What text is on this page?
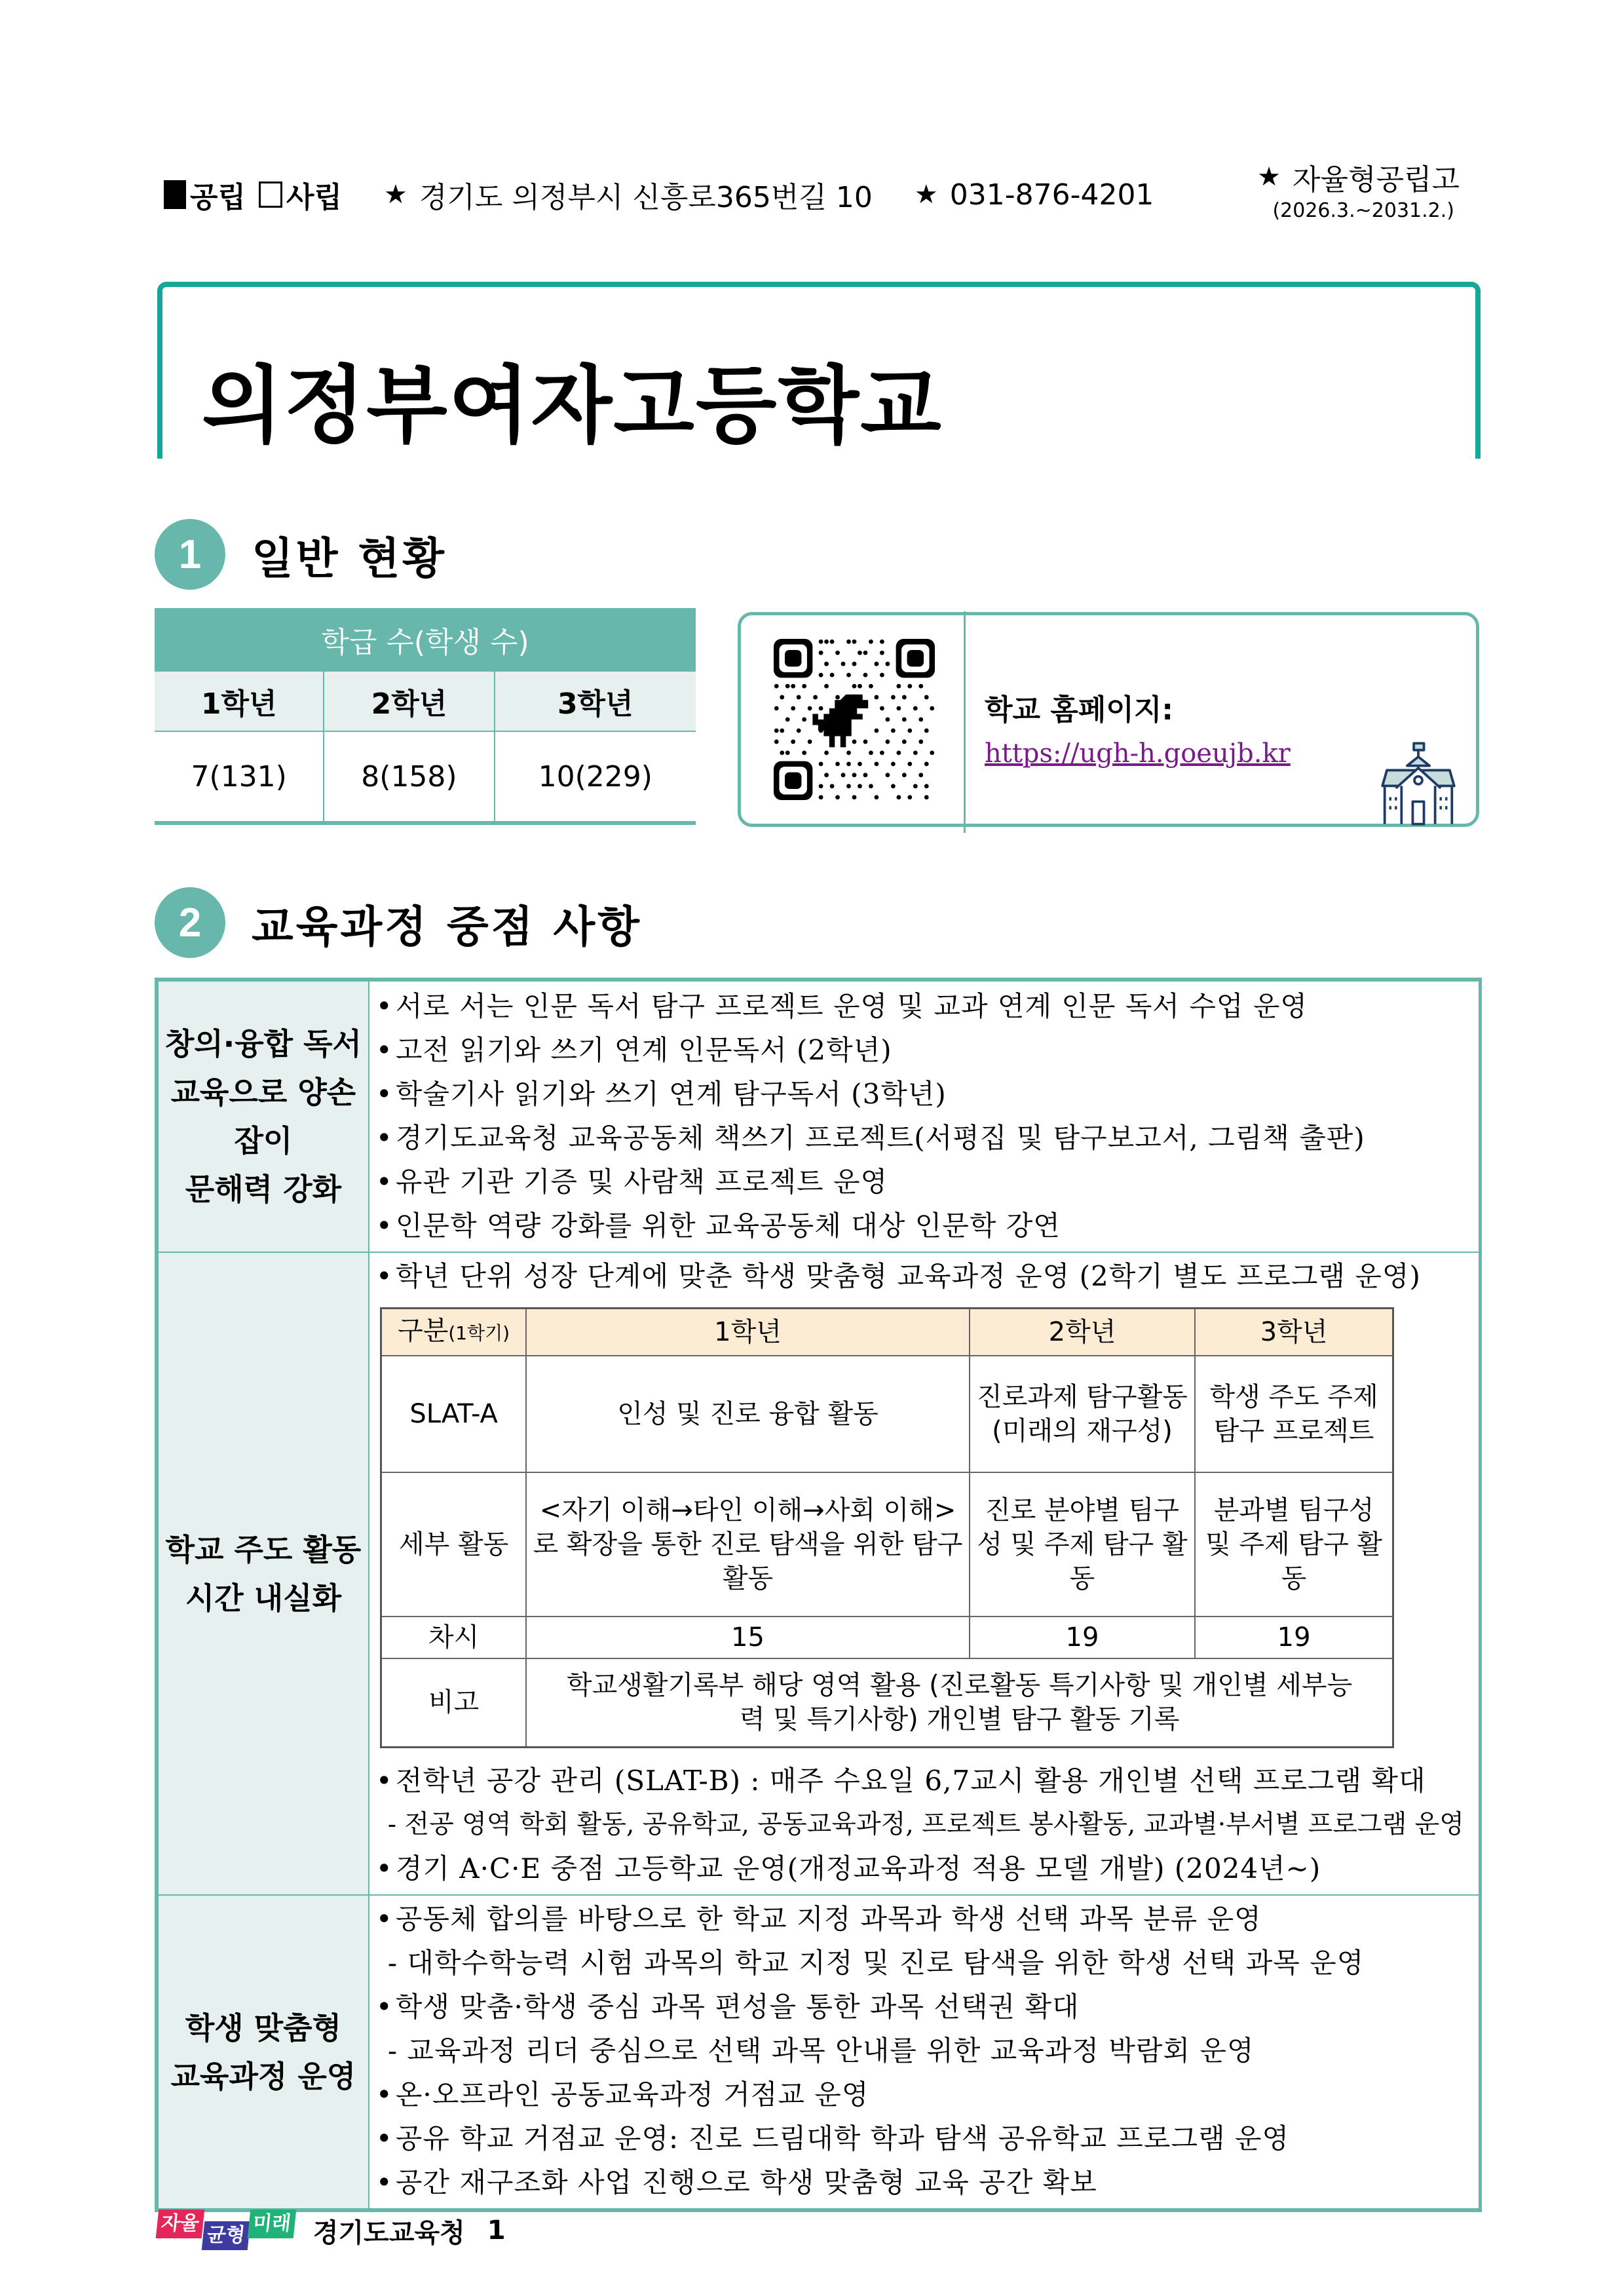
공립 사립 ★ 경기도 의정부시 신흥로365번길 10 ★ 031-876-4201
★ 자율형공립고
(2026.3.~2031.2.)
의정부여자고등학교
1	일반 현황
학급 수(학생 수)		
1학년	2학년	3학년
7(131)	8(158)	10(229)
학교 홈페이지:
https://ugh-h.goeujb.kr
2	교육과정 중점 사항
창의·융합 독서
교육으로 양손잡이
문해력 강화

• 서로 서는 인문 독서 탐구 프로젝트 운영 및 교과 연계 인문 독서 수업 운영
• 고전 읽기와 쓰기 연계 인문독서 (2학년)
• 학술기사 읽기와 쓰기 연계 탐구독서 (3학년)
• 경기도교육청 교육공동체 책쓰기 프로젝트(서평집 및 탐구보고서, 그림책 출판)
• 유관 기관 기증 및 사람책 프로젝트 운영
• 인문학 역량 강화를 위한 교육공동체 대상 인문학 강연

학교 주도 활동
시간 내실화

• 학년 단위 성장 단계에 맞춘 학생 맞춤형 교육과정 운영 (2학기 별도 프로그램 운영)
구분(1학기)	1학년	2학년	3학년
SLAT-A	인성 및 진로 융합 활동	진로과제 탐구활동 (미래의 재구성)	학생 주도 주제 탐구 프로젝트
세부 활동	<자기 이해→타인 이해→사회 이해>로 확장을 통한 진로 탐색을 위한 탐구 활동	진로 분야별 팀구성 및 주제 탐구 활동	분과별 팀구성 및 주제 탐구 활동
차시	15	19	19
비고	학교생활기록부 해당 영역 활용 (진로활동 특기사항 및 개인별 세부능력 및 특기사항) 개인별 탐구 활동 기록
• 전학년 공강 관리 (SLAT-B) : 매주 수요일 6,7교시 활용 개인별 선택 프로그램 확대
- 전공 영역 학회 활동, 공유학교, 공동교육과정, 프로젝트 봉사활동, 교과별·부서별 프로그램 운영
• 경기 A·C·E 중점 고등학교 운영(개정교육과정 적용 모델 개발) (2024년~)

학생 맞춤형
교육과정 운영

• 공동체 합의를 바탕으로 한 학교 지정 과목과 학생 선택 과목 분류 운영
- 대학수학능력 시험 과목의 학교 지정 및 진로 탐색을 위한 학생 선택 과목 운영
• 학생 맞춤·학생 중심 과목 편성을 통한 과목 선택권 확대
- 교육과정 리더 중심으로 선택 과목 안내를 위한 교육과정 박람회 운영
• 온·오프라인 공동교육과정 거점교 운영
• 공유 학교 거점교 운영: 진로 드림대학 학과 탐색 공유학교 프로그램 운영
• 공간 재구조화 사업 진행으로 학생 맞춤형 교육 공간 확보
자율
균형
미래 경기도교육청 1
